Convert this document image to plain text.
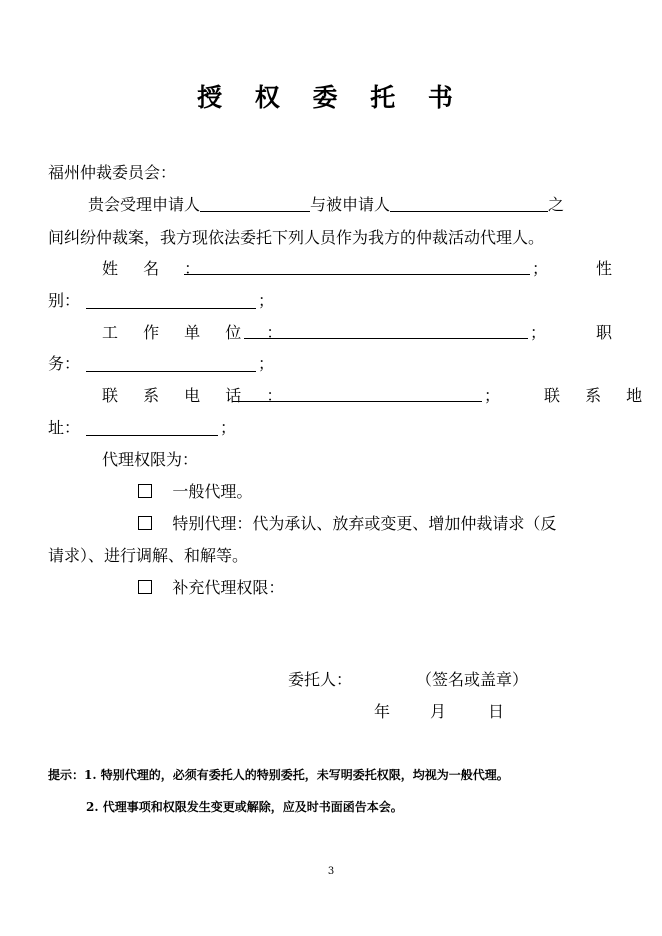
授 权 委 托 书
福州仲裁委员会：
贵会受理申请人	与被申请人	之
间纠纷仲裁案，我方现依法委托下列人员作为我方的仲裁活动代理人。
姓 名 ：	；	性
别：	；
工 作 单 位 ：	；	职
务：	；
联 系 电 话 ：	；	联 系 地
址：	；
代理权限为：
一般代理。
特别代理：代为承认、放弃或变更、增加仲裁请求（反
请求）、进行调解、和解等。
补充代理权限：
委托人：	（签名或盖章）
年 月	日
提示：1. 特别代理的，必须有委托人的特别委托，未写明委托权限，均视为一般代理。
2. 代理事项和权限发生变更或解除，应及时书面函告本会。
3
